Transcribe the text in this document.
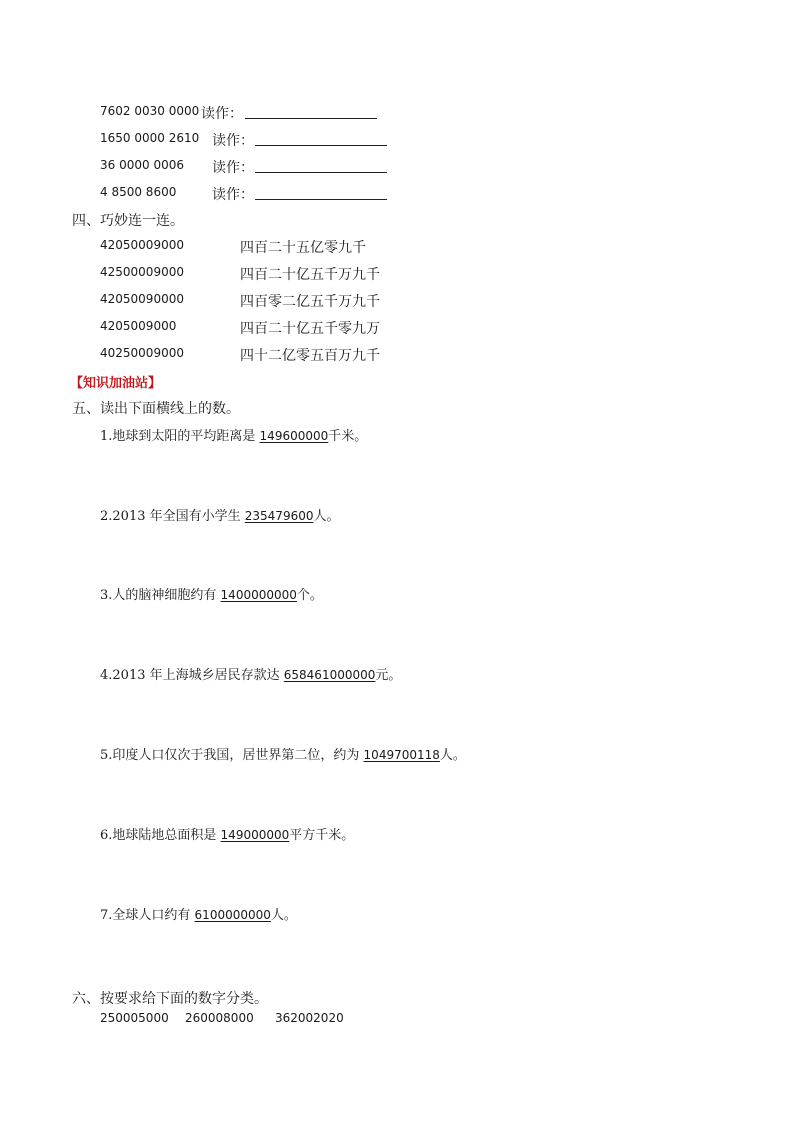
7602 0030 0000 读作：
1650 0000 2610 读作：
36 0000 0006 读作：
4 8500 8600	读作：
四、巧妙连一连。
42050009000	四百二十五亿零九千
42500009000	四百二十亿五千万九千
42050090000	四百零二亿五千万九千
4205009000	四百二十亿五千零九万
40250009000	四十二亿零五百万九千
【知识加油站】
五、读出下面横线上的数。
1.地球到太阳的平均距离是 149600000千米。
2.2013 年全国有小学生 235479600人。
3.人的脑神细胞约有 1400000000个。
4.2013 年上海城乡居民存款达 658461000000元。
5.印度人口仅次于我国，居世界第二位，约为 1049700118人。
6.地球陆地总面积是 149000000平方千米。
7.全球人口约有 6100000000人。
六、按要求给下面的数字分类。
250005000 260008000 362002020
